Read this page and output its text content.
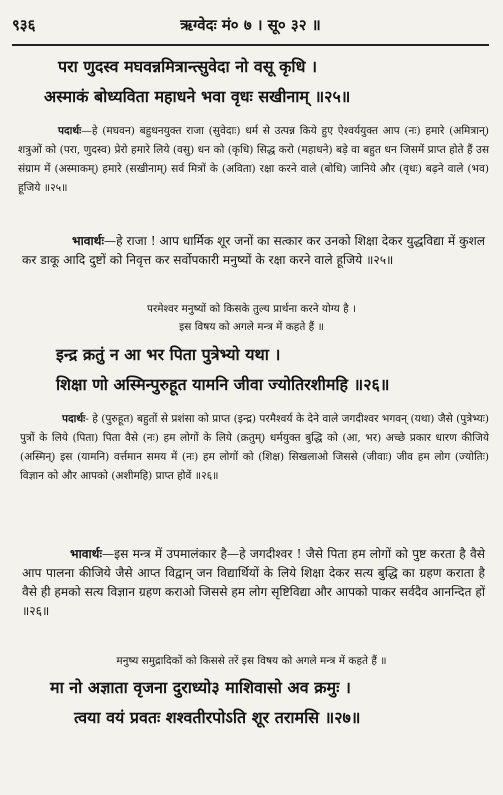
९३६	ऋग्वेदः मं० ७ । सू० ३२ ॥
परा णुदस्व मघवन्नमित्रान्त्सुवेदा नो वसू कृधि ।
अस्माकं बोध्यविता महाधने भवा वृधः सखीनाम् ॥२५॥
पदार्थः—हे (मघवन) बहुधनयुक्त राजा (सुवेदाः) धर्म से उत्पन्न किये हुए ऐश्वर्ययुक्त आप (नः) हमारे (अमित्रान्) शत्रुओं को (परा, णुदस्व) प्रेरो हमारे लिये (वसु) धन को (कृधि) सिद्ध करो (महाधने) बड़े वा बहुत धन जिसमें प्राप्त होते हैं उस संग्राम में (अस्माकम्) हमारे (सखीनाम्) सर्व मित्रों के (अविता) रक्षा करने वाले (बोधि) जानिये और (वृधः) बढ़ने वाले (भव) हूजिये ॥२५॥
भावार्थः—हे राजा ! आप धार्मिक शूर जनों का सत्कार कर उनको शिक्षा देकर युद्धविद्या में कुशल कर डाकू आदि दुष्टों को निवृत्त कर सर्वोपकारी मनुष्यों के रक्षा करने वाले हूजिये ॥२५॥
परमेश्वर मनुष्यों को किसके तुल्य प्रार्थना करने योग्य है ।
इस विषय को अगले मन्त्र में कहते हैं ॥
इन्द्र क्रतुं न आ भर पिता पुत्रेभ्यो यथा ।
शिक्षा णो अस्मिन्पुरुहूत यामनि जीवा ज्योतिरशीमहि ॥२६॥
पदार्थः- हे (पुरुहूत) बहुतों से प्रशंसा को प्राप्त (इन्द्र) परमैश्वर्य के देने वाले जगदीश्वर भगवन् (यथा) जैसे (पुत्रेभ्यः) पुत्रों के लिये (पिता) पिता वैसे (नः) हम लोगों के लिये (क्रतुम्) धर्मयुक्त बुद्धि को (आ, भर) अच्छे प्रकार धारण कीजिये (अस्मिन्) इस (यामनि) वर्त्तमान समय में (नः) हम लोगों को (शिक्ष) सिखलाओ जिससे (जीवाः) जीव हम लोग (ज्योतिः) विज्ञान को और आपको (अशीमहि) प्राप्त होवें ॥२६॥
भावार्थः—इस मन्त्र में उपमालंकार है—हे जगदीश्वर ! जैसे पिता हम लोगों को पुष्ट करता है वैसे आप पालना कीजिये जैसे आप्त विद्वान् जन विद्यार्थियों के लिये शिक्षा देकर सत्य बुद्धि का ग्रहण कराता है वैसे ही हमको सत्य विज्ञान ग्रहण कराओ जिससे हम लोग सृष्टिविद्या और आपको पाकर सर्वदैव आनन्दित हों ॥२६॥
मनुष्य समुद्रादिकों को किससे तरें इस विषय को अगले मन्त्र में कहते हैं ॥
मा नो अज्ञाता वृजना दुराध्यो३ माशिवासो अव क्रमुः ।
त्वया वयं प्रवतः शश्वतीरपोऽति शूर तरामसि ॥२७॥
